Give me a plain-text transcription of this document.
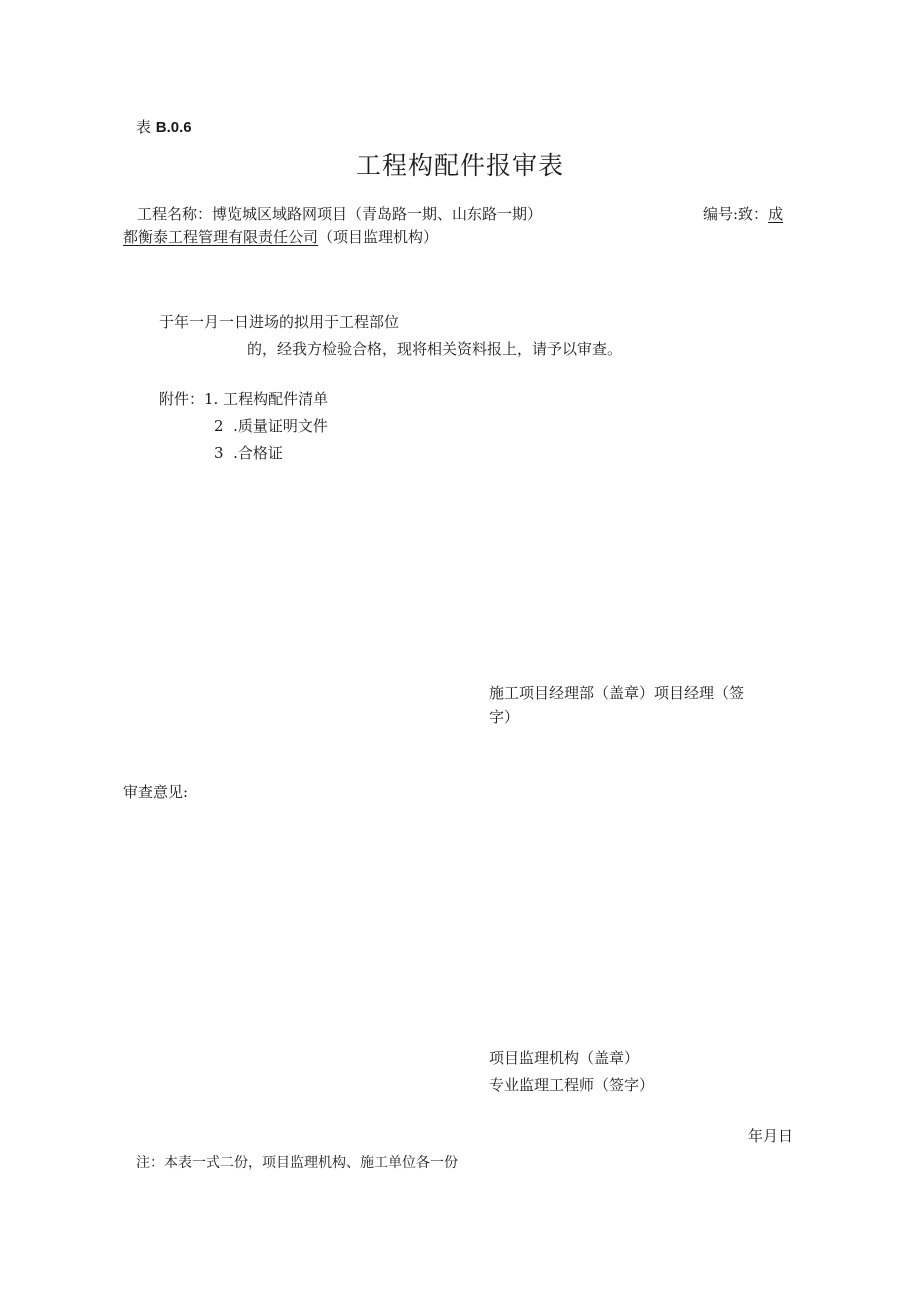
表 B.0.6
工程构配件报审表
工程名称：博览城区域路网项目（青岛路一期、山东路一期）	编号:致：成
都衡泰工程管理有限责任公司（项目监理机构）
于年一月一日进场的拟用于工程部位
的，经我方检验合格，现将相关资料报上，请予以审查。
附件：1. 工程构配件清单
2  .质量证明文件
3  .合格证
施工项目经理部（盖章）项目经理（签
字）
审查意见:
项目监理机构（盖章）
专业监理工程师（签字）
年月日
注：本表一式二份，项目监理机构、施工单位各一份
